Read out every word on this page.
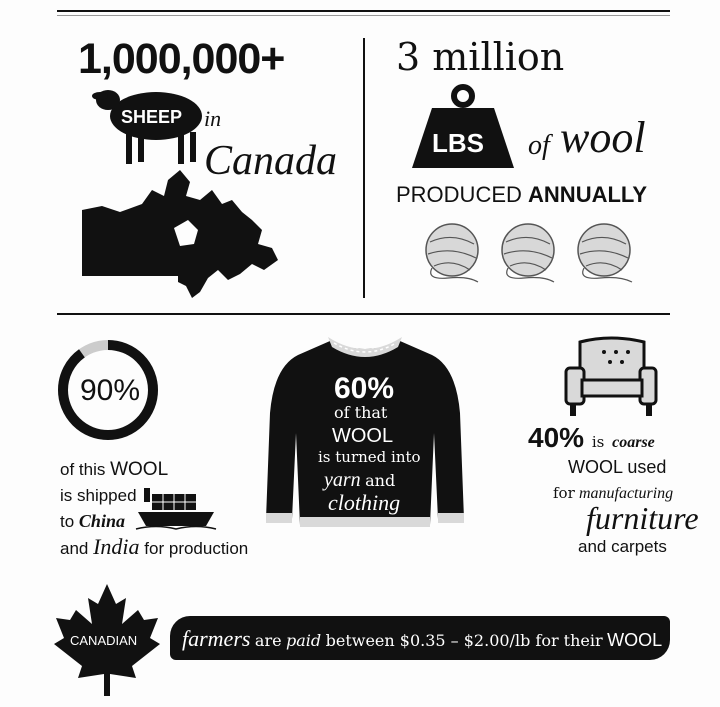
1,000,000+
SHEEP in
Canada
3 million
LBS of wool
PRODUCED ANNUALLY
90%
of this WOOL
is shipped
to China
and India for production
60%
of that
WOOL
is turned into
yarn and
clothing
40% is coarse
WOOL used
for manufacturing
furniture
and carpets
CANADIAN farmers are paid between $0.35 – $2.00/lb for their WOOL
